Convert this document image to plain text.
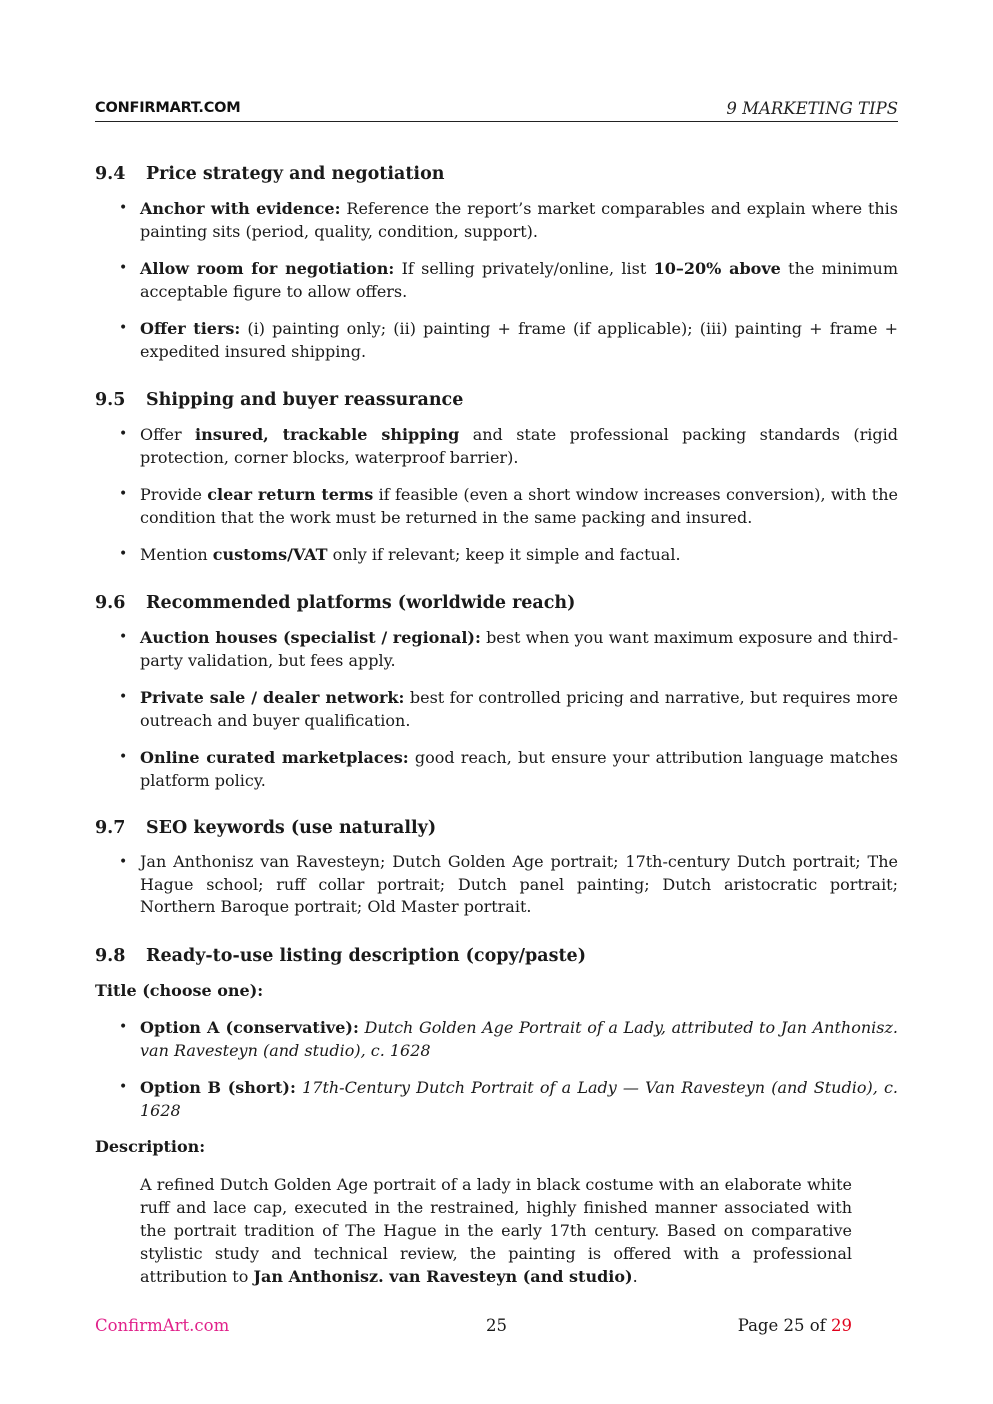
CONFIRMART.COM	9 MARKETING TIPS
9.4 Price strategy and negotiation
• Anchor with evidence: Reference the report’s market comparables and explain where this painting sits (period, quality, condition, support).
• Allow room for negotiation: If selling privately/online, list 10–20% above the minimum acceptable figure to allow offers.
• Offer tiers: (i) painting only; (ii) painting + frame (if applicable); (iii) painting + frame + expedited insured shipping.
9.5 Shipping and buyer reassurance
• Offer insured, trackable shipping and state professional packing standards (rigid protection, corner blocks, waterproof barrier).
• Provide clear return terms if feasible (even a short window increases conversion), with the condition that the work must be returned in the same packing and insured.
• Mention customs/VAT only if relevant; keep it simple and factual.
9.6 Recommended platforms (worldwide reach)
• Auction houses (specialist / regional): best when you want maximum exposure and third-party validation, but fees apply.
• Private sale / dealer network: best for controlled pricing and narrative, but requires more outreach and buyer qualification.
• Online curated marketplaces: good reach, but ensure your attribution language matches platform policy.
9.7 SEO keywords (use naturally)
• Jan Anthonisz van Ravesteyn; Dutch Golden Age portrait; 17th-century Dutch portrait; The Hague school; ruff collar portrait; Dutch panel painting; Dutch aristocratic portrait; Northern Baroque portrait; Old Master portrait.
9.8 Ready-to-use listing description (copy/paste)

Title (choose one):

• Option A (conservative): Dutch Golden Age Portrait of a Lady, attributed to Jan Anthonisz. van Ravesteyn (and studio), c. 1628
• Option B (short): 17th-Century Dutch Portrait of a Lady — Van Ravesteyn (and Studio), c. 1628

Description:

A refined Dutch Golden Age portrait of a lady in black costume with an elaborate white ruff and lace cap, executed in the restrained, highly finished manner associated with the portrait tradition of The Hague in the early 17th century. Based on comparative stylistic study and technical review, the painting is offered with a professional attribution to Jan Anthonisz. van Ravesteyn (and studio).

ConfirmArt.com	25	Page 25 of 29
